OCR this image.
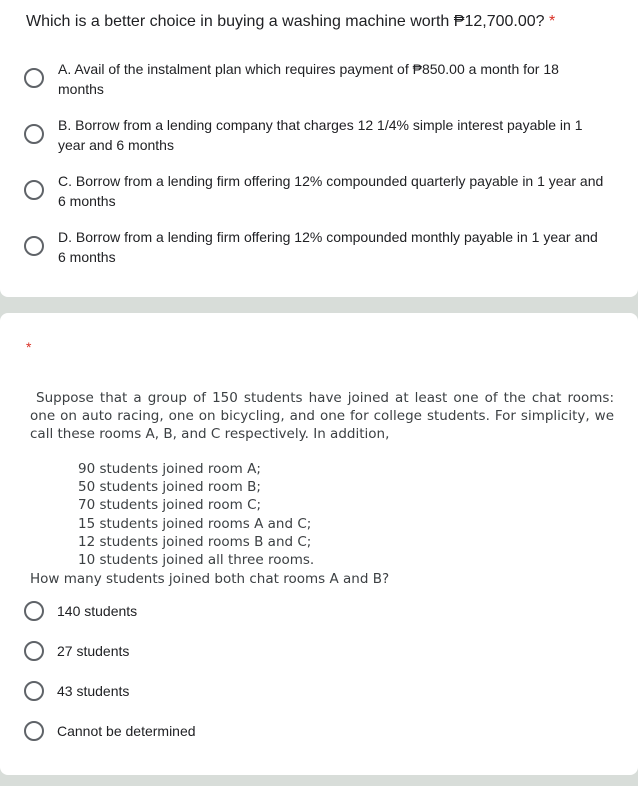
Which is a better choice in buying a washing machine worth ₱12,700.00? *
A. Avail of the instalment plan which requires payment of ₱850.00 a month for 18 months
B. Borrow from a lending company that charges 12 1/4% simple interest payable in 1 year and 6 months
C. Borrow from a lending firm offering 12% compounded quarterly payable in 1 year and 6 months
D. Borrow from a lending firm offering 12% compounded monthly payable in 1 year and 6 months
*
Suppose that a group of 150 students have joined at least one of the chat rooms: one on auto racing, one on bicycling, and one for college students. For simplicity, we call these rooms A, B, and C respectively. In addition,
90 students joined room A;
50 students joined room B;
70 students joined room C;
15 students joined rooms A and C;
12 students joined rooms B and C;
10 students joined all three rooms.
How many students joined both chat rooms A and B?
140 students
27 students
43 students
Cannot be determined
